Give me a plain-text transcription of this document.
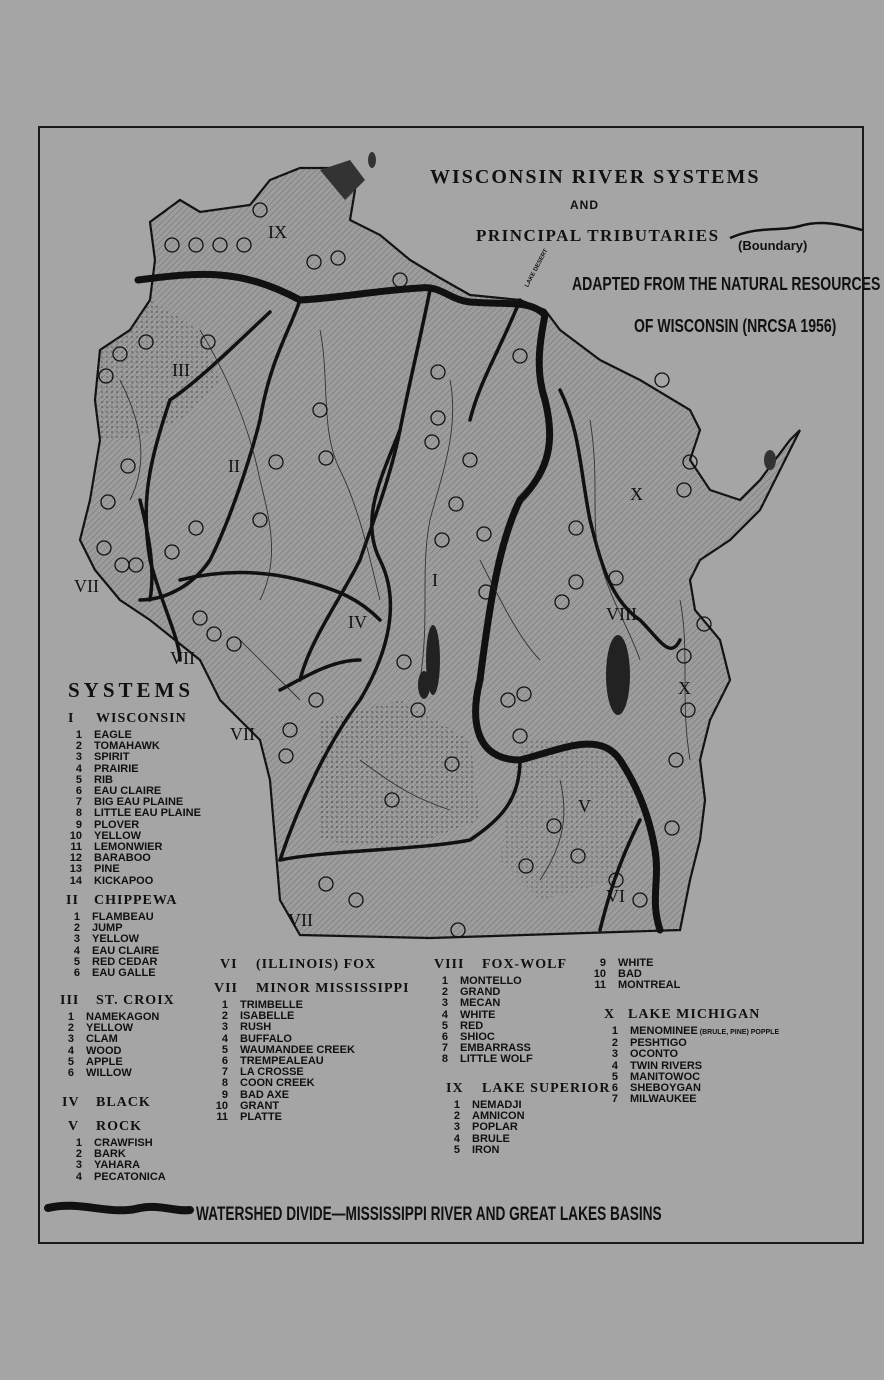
WISCONSIN RIVER SYSTEMS
AND
PRINCIPAL TRIBUTARIES
(Boundary)
ADAPTED FROM THE NATURAL RESOURCES
OF WISCONSIN (NRCSA 1956)
LAKE DESERT
IX
III
II
I
IV
V
VI
VII
VII
VII
VII
VIII
X
X
SYSTEMS
I WISCONSIN
1 EAGLE
2 TOMAHAWK
3 SPIRIT
4 PRAIRIE
5 RIB
6 EAU CLAIRE
7 BIG EAU PLAINE
8 LITTLE EAU PLAINE
9 PLOVER
10 YELLOW
11 LEMONWIER
12 BARABOO
13 PINE
14 KICKAPOO
II CHIPPEWA
1 FLAMBEAU
2 JUMP
3 YELLOW
4 EAU CLAIRE
5 RED CEDAR
6 EAU GALLE
III ST. CROIX
1 NAMEKAGON
2 YELLOW
3 CLAM
4 WOOD
5 APPLE
6 WILLOW
IV BLACK
V ROCK
1 CRAWFISH
2 BARK
3 YAHARA
4 PECATONICA
VI (ILLINOIS) FOX
VII MINOR MISSISSIPPI
1 TRIMBELLE
2 ISABELLE
3 RUSH
4 BUFFALO
5 WAUMANDEE CREEK
6 TREMPEALEAU
7 LA CROSSE
8 COON CREEK
9 BAD AXE
10 GRANT
11 PLATTE
VIII FOX-WOLF
1 MONTELLO
2 GRAND
3 MECAN
4 WHITE
5 RED
6 SHIOC
7 EMBARRASS
8 LITTLE WOLF
9 WHITE
10 BAD
11 MONTREAL
IX LAKE SUPERIOR
1 NEMADJI
2 AMNICON
3 POPLAR
4 BRULE
5 IRON
X LAKE MICHIGAN
1 MENOMINEE (BRULE, PINE) POPPLE
2 PESHTIGO
3 OCONTO
4 TWIN RIVERS
5 MANITOWOC
6 SHEBOYGAN
7 MILWAUKEE
WATERSHED DIVIDE—MISSISSIPPI RIVER AND GREAT LAKES BASINS
